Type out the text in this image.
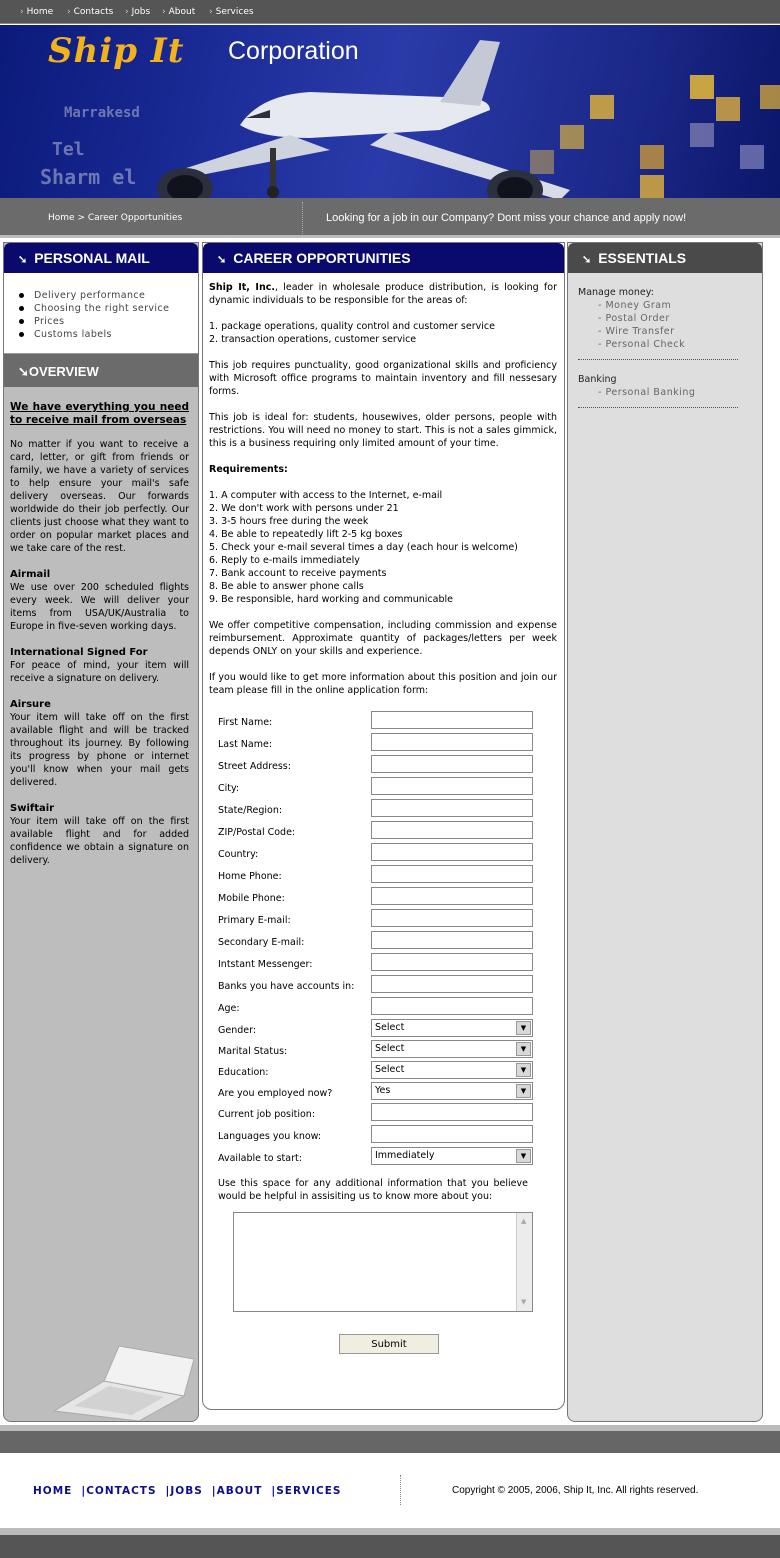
› Home	› Contacts	› Jobs	› About	› Services
Marrakesd
Tel
Sharm el
Ship It Corporation
Home > Career Opportunities	Looking for a job in our Company? Dont miss your chance and apply now!
➘ PERSONAL MAIL
Delivery performance
Choosing the right service
Prices
Customs labels
➘OVERVIEW
We have everything you need to receive mail from overseas
No matter if you want to receive a card, letter, or gift from friends or family, we have a variety of services to help ensure your mail's safe delivery overseas. Our forwards worldwide do their job perfectly. Our clients just choose what they want to order on popular market places and we take care of the rest.
Airmail
We use over 200 scheduled flights every week. We will deliver your items from USA/UK/Australia to Europe in five-seven working days.
International Signed For
For peace of mind, your item will receive a signature on delivery.
Airsure
Your item will take off on the first available flight and will be tracked throughout its journey. By following its progress by phone or internet you'll know when your mail gets delivered.
Swiftair
Your item will take off on the first available flight and for added confidence we obtain a signature on delivery.
➘ CAREER OPPORTUNITIES

Ship It, Inc., leader in wholesale produce distribution, is looking for dynamic individuals to be responsible for the areas of:

1. package operations, quality control and customer service
2. transaction operations, customer service

This job requires punctuality, good organizational skills and proficiency with Microsoft office programs to maintain inventory and fill nessesary forms.

This job is ideal for: students, housewives, older persons, people with restrictions. You will need no money to start. This is not a sales gimmick, this is a business requiring only limited amount of your time.

Requirements:

1. A computer with access to the Internet, e-mail
2. We don't work with persons under 21
3. 3-5 hours free during the week
4. Be able to repeatedly lift 2-5 kg boxes
5. Check your e-mail several times a day (each hour is welcome)
6. Reply to e-mails immediately
7. Bank account to receive payments
8. Be able to answer phone calls
9. Be responsible, hard working and communicable

We offer competitive compensation, including commission and expense reimbursement. Approximate quantity of packages/letters per week depends ONLY on your skills and experience.

If you would like to get more information about this position and join our team please fill in the online application form:

First Name:
Last Name:
Street Address:
City:
State/Region:
ZIP/Postal Code:
Country:
Home Phone:
Mobile Phone:
Primary E-mail:
Secondary E-mail:
Intstant Messenger:
Banks you have accounts in:
Age:
Gender:	Select	▼
Marital Status:	Select	▼
Education:	Select	▼
Are you employed now?	Yes	▼
Current job position:
Languages you know:
Available to start:	Immediately	▼
Use this space for any additional information that you believe would be helpful in assisiting us to know more about you:
▲ ▼
Submit
➘ ESSENTIALS
Manage money:
- Money Gram
- Postal Order
- Wire Transfer
- Personal Check
Banking
- Personal Banking
HOME |CONTACTS |JOBS |ABOUT |SERVICES	Copyright © 2005, 2006, Ship It, Inc. All rights reserved.
